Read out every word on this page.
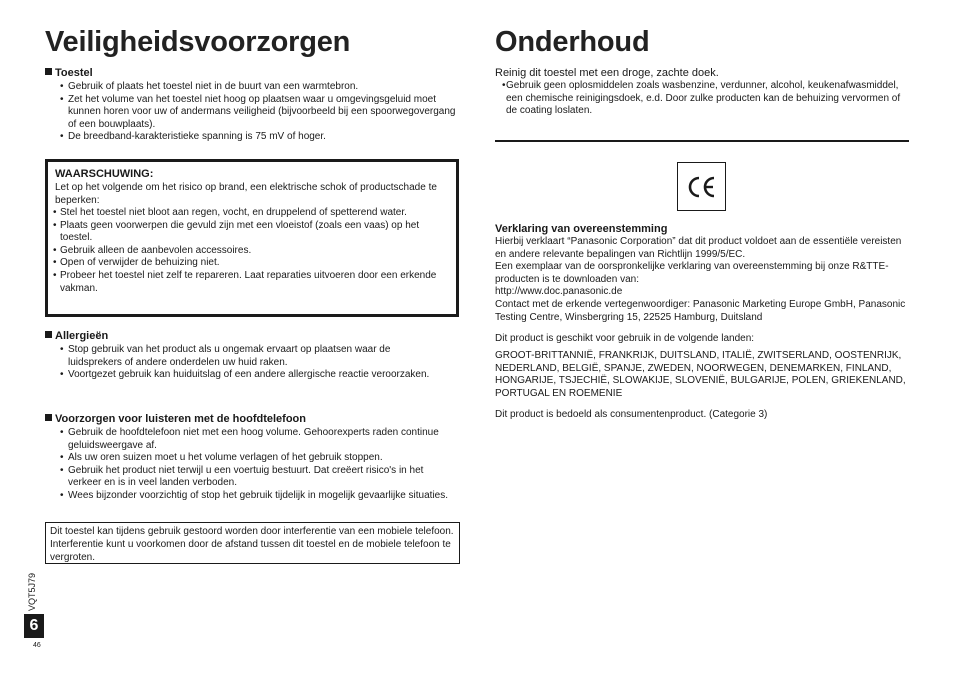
Veiligheidsvoorzorgen
Toestel
• Gebruik of plaats het toestel niet in de buurt van een warmtebron.
• Zet het volume van het toestel niet hoog op plaatsen waar u omgevingsgeluid moet kunnen horen voor uw of andermans veiligheid (bijvoorbeeld bij een spoorwegovergang of een bouwplaats).
• De breedband-karakteristieke spanning is 75 mV of hoger.
WAARSCHUWING:
Let op het volgende om het risico op brand, een elektrische schok of productschade te beperken:
• Stel het toestel niet bloot aan regen, vocht, en druppelend of spetterend water.
• Plaats geen voorwerpen die gevuld zijn met een vloeistof (zoals een vaas) op het toestel.
• Gebruik alleen de aanbevolen accessoires.
• Open of verwijder de behuizing niet.
• Probeer het toestel niet zelf te repareren. Laat reparaties uitvoeren door een erkende vakman.
Allergieën
• Stop gebruik van het product als u ongemak ervaart op plaatsen waar de luidsprekers of andere onderdelen uw huid raken.
• Voortgezet gebruik kan huiduitslag of een andere allergische reactie veroorzaken.
Voorzorgen voor luisteren met de hoofdtelefoon
• Gebruik de hoofdtelefoon niet met een hoog volume. Gehoorexperts raden continue geluidsweergave af.
• Als uw oren suizen moet u het volume verlagen of het gebruik stoppen.
• Gebruik het product niet terwijl u een voertuig bestuurt. Dat creëert risico's in het verkeer en is in veel landen verboden.
• Wees bijzonder voorzichtig of stop het gebruik tijdelijk in mogelijk gevaarlijke situaties.
Dit toestel kan tijdens gebruik gestoord worden door interferentie van een mobiele telefoon. Interferentie kunt u voorkomen door de afstand tussen dit toestel en de mobiele telefoon te vergroten.
Onderhoud
Reinig dit toestel met een droge, zachte doek.
• Gebruik geen oplosmiddelen zoals wasbenzine, verdunner, alcohol, keukenafwasmiddel, een chemische reinigingsdoek, e.d. Door zulke producten kan de behuizing vervormen of de coating loslaten.
Verklaring van overeenstemming
Hierbij verklaart “Panasonic Corporation” dat dit product voldoet aan de essentiële vereisten en andere relevante bepalingen van Richtlijn 1999/5/EC.
Een exemplaar van de oorspronkelijke verklaring van overeenstemming bij onze R&TTE-producten is te downloaden van:
http://www.doc.panasonic.de
Contact met de erkende vertegenwoordiger: Panasonic Marketing Europe GmbH, Panasonic Testing Centre, Winsbergring 15, 22525 Hamburg, Duitsland
Dit product is geschikt voor gebruik in de volgende landen:
GROOT-BRITTANNIË, FRANKRIJK, DUITSLAND, ITALIË, ZWITSERLAND, OOSTENRIJK, NEDERLAND, BELGIË, SPANJE, ZWEDEN, NOORWEGEN, DENEMARKEN, FINLAND, HONGARIJE, TSJECHIË, SLOWAKIJE, SLOVENIË, BULGARIJE, POLEN, GRIEKENLAND, PORTUGAL EN ROEMENIE
Dit product is bedoeld als consumentenproduct. (Categorie 3)
VQT5J79
6
46
